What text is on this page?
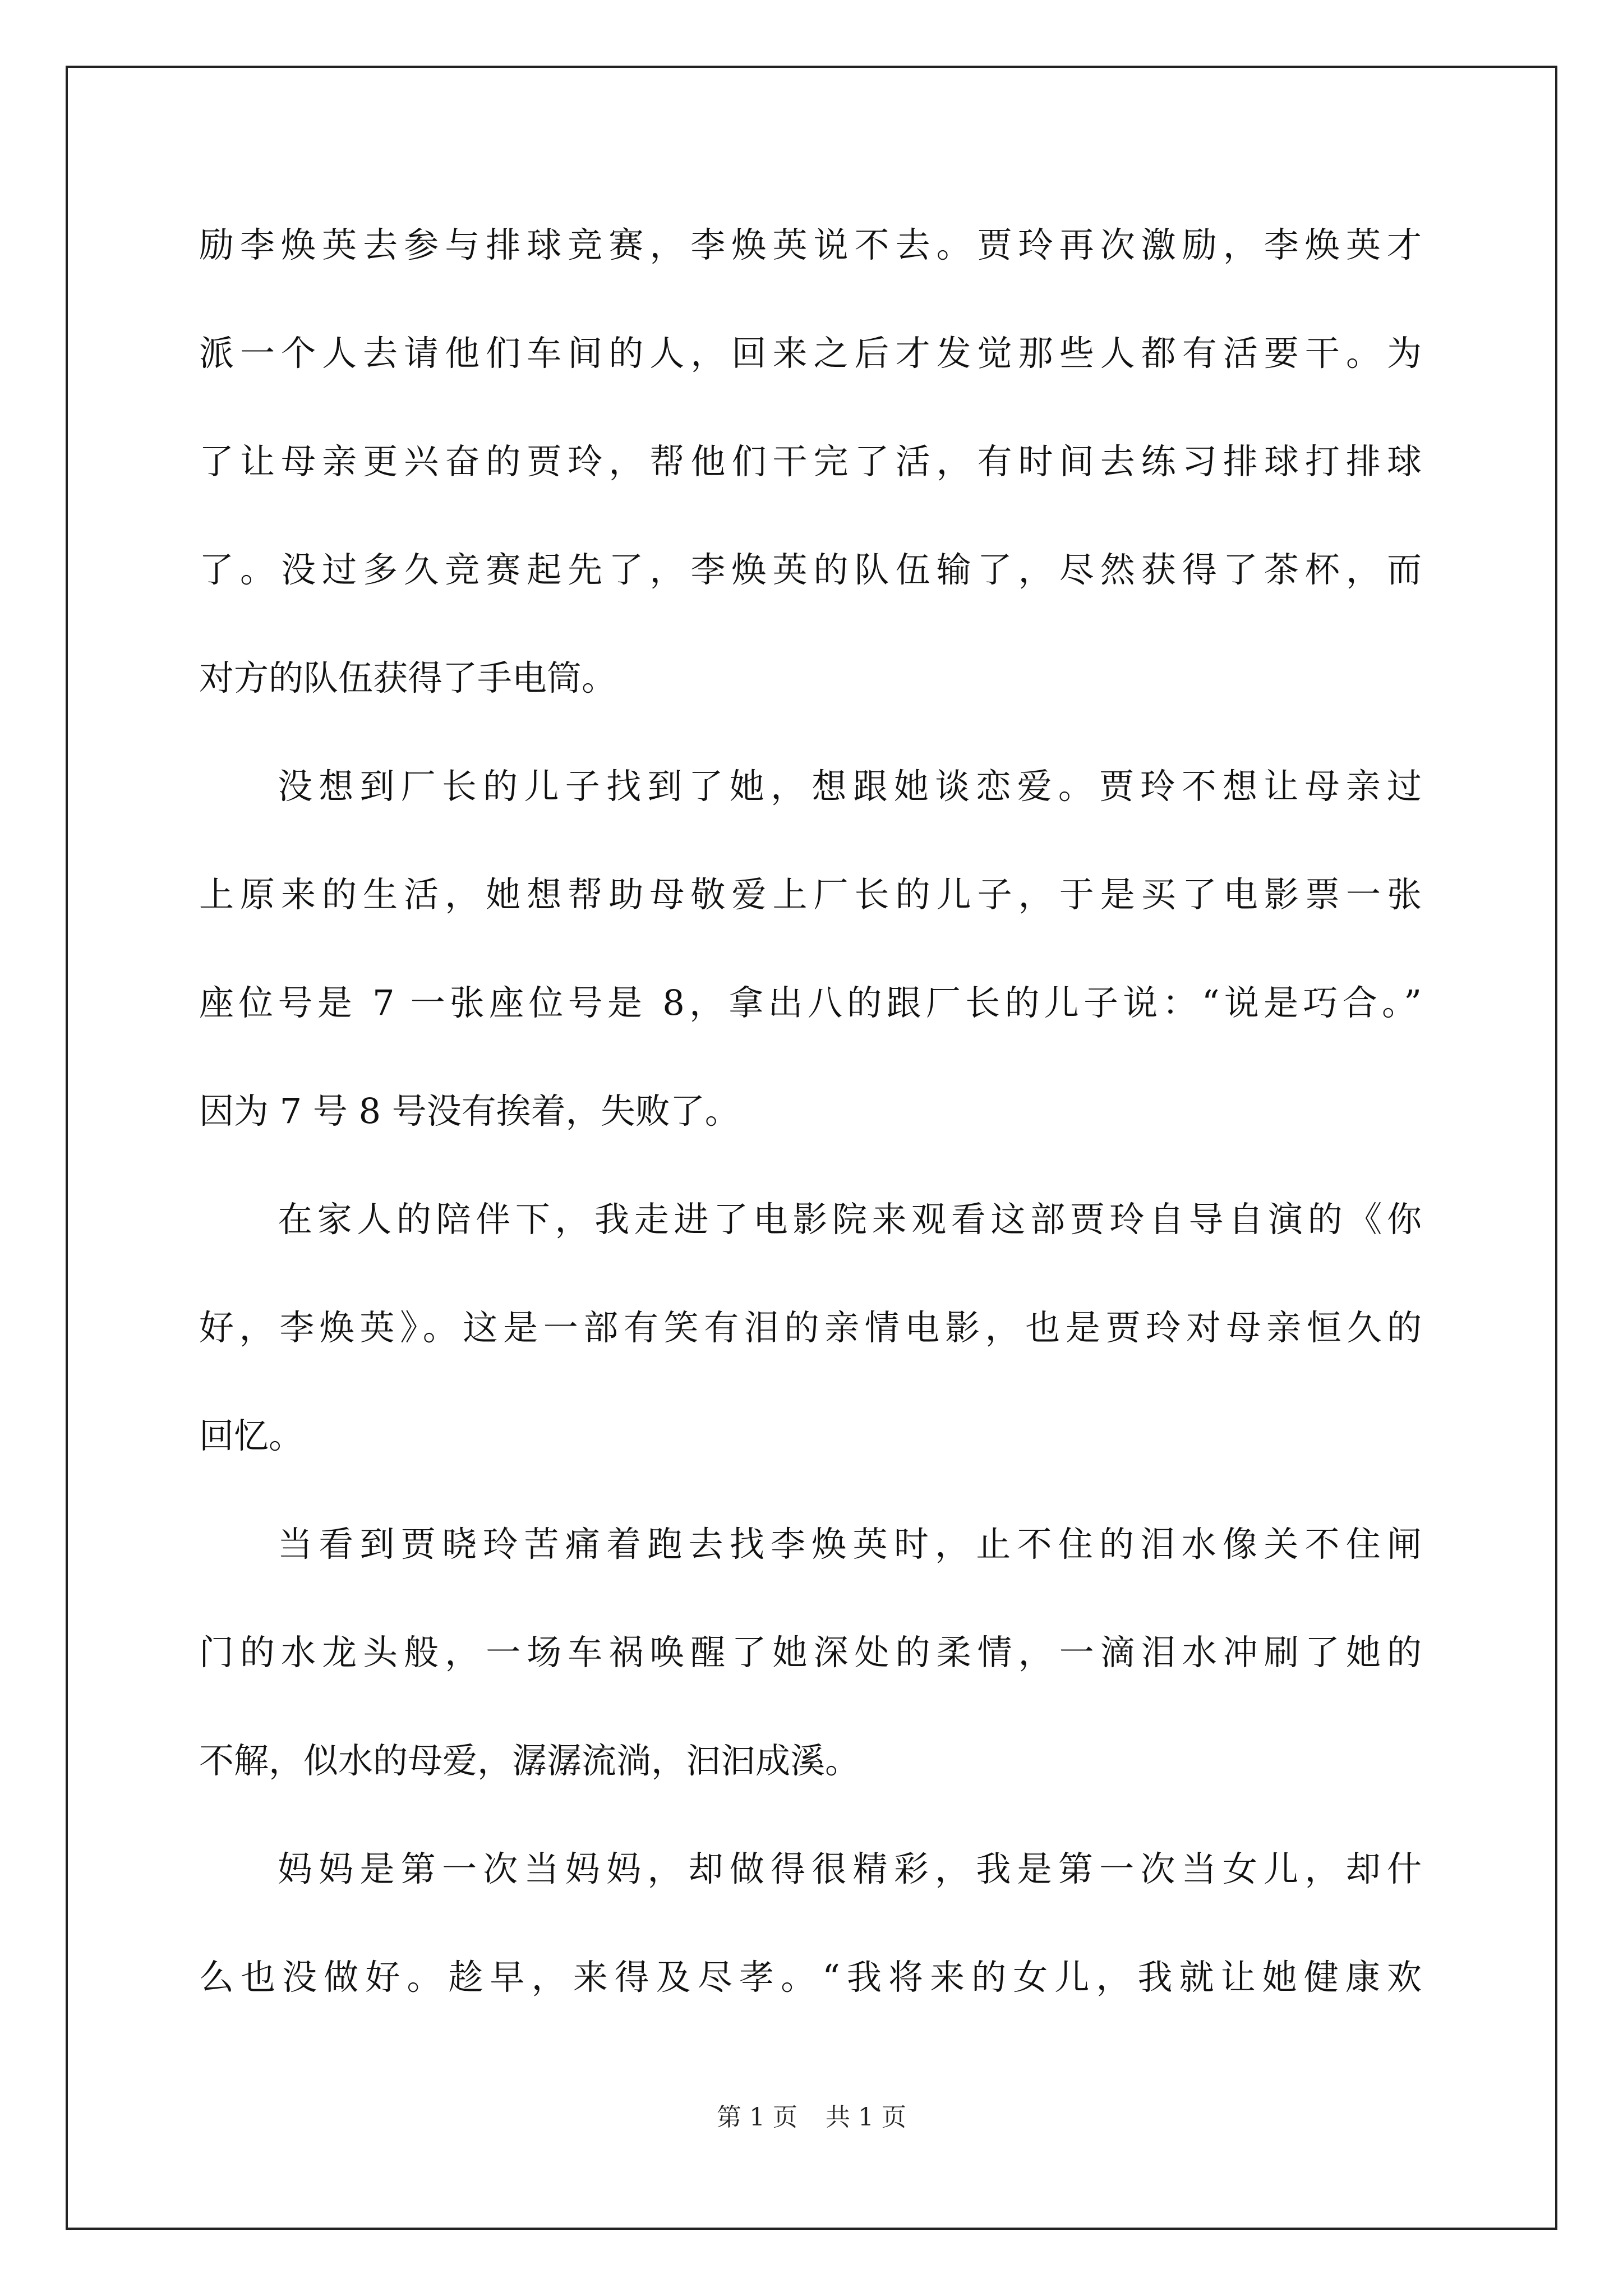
励李焕英去参与排球竞赛，李焕英说不去。贾玲再次激励，李焕英才
派一个人去请他们车间的人，回来之后才发觉那些人都有活要干。为
了让母亲更兴奋的贾玲，帮他们干完了活，有时间去练习排球打排球
了。没过多久竞赛起先了，李焕英的队伍输了，尽然获得了茶杯，而
对方的队伍获得了手电筒。
没想到厂长的儿子找到了她，想跟她谈恋爱。贾玲不想让母亲过
上原来的生活，她想帮助母敬爱上厂长的儿子，于是买了电影票一张
座位号是 7 一张座位号是 8，拿出八的跟厂长的儿子说：“说是巧合。”
因为 7 号 8 号没有挨着，失败了。
在家人的陪伴下，我走进了电影院来观看这部贾玲自导自演的《你
好，李焕英》。这是一部有笑有泪的亲情电影，也是贾玲对母亲恒久的
回忆。
当看到贾晓玲苦痛着跑去找李焕英时，止不住的泪水像关不住闸
门的水龙头般，一场车祸唤醒了她深处的柔情，一滴泪水冲刷了她的
不解，似水的母爱，潺潺流淌，汩汩成溪。
妈妈是第一次当妈妈，却做得很精彩，我是第一次当女儿，却什
么也没做好。趁早，来得及尽孝。“我将来的女儿，我就让她健康欢
第 1 页 共 1 页
